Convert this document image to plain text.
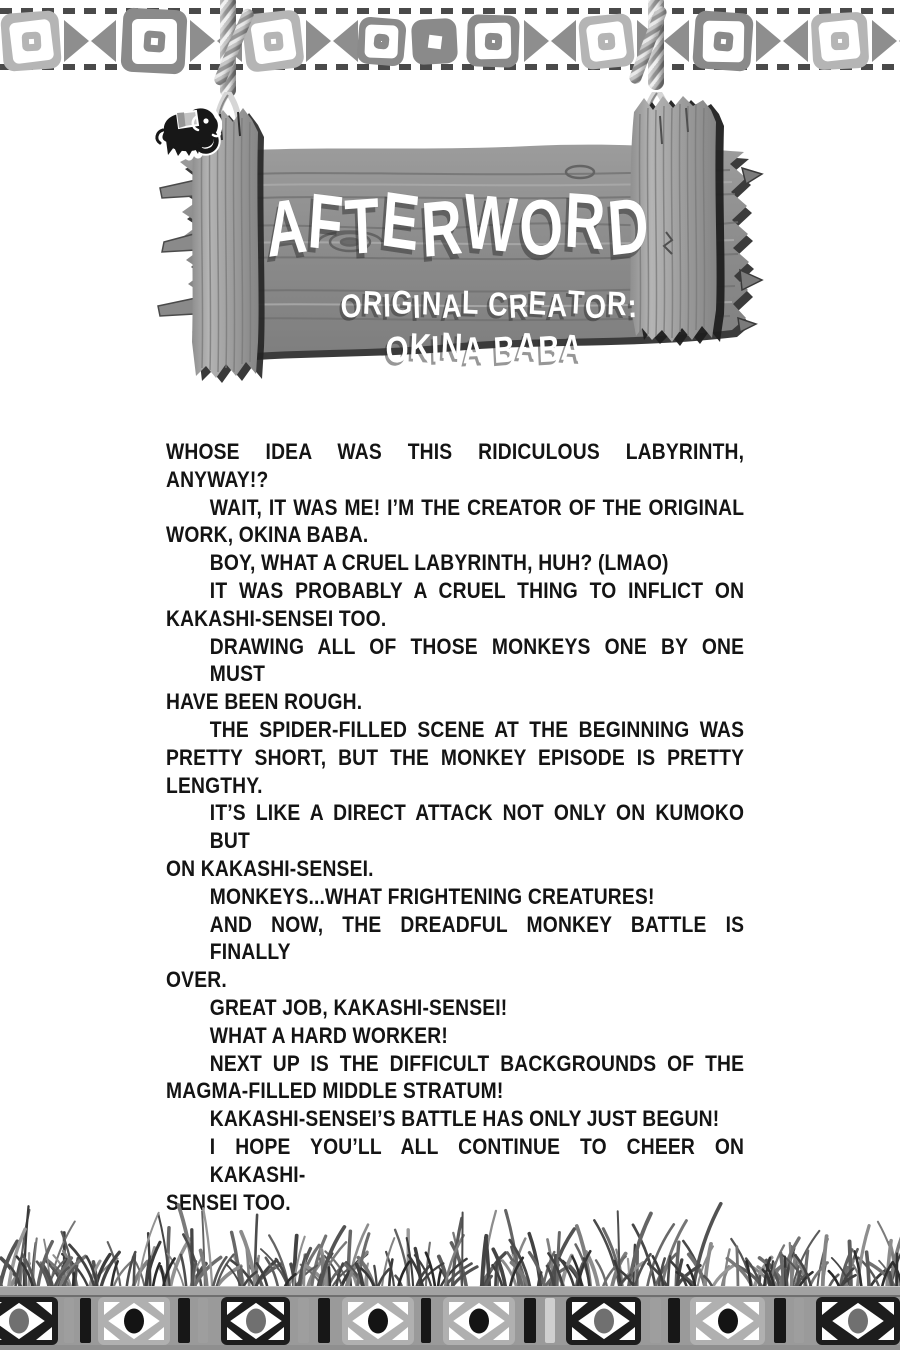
AFTERWORD
ORIGINAL CREATOR:
OKINA BABA
WHOSE IDEA WAS THIS RIDICULOUS LABYRINTH, ANYWAY!?
WAIT, IT WAS ME! I’M THE CREATOR OF THE ORIGINAL
WORK, OKINA BABA.
BOY, WHAT A CRUEL LABYRINTH, HUH? (LMAO)
IT WAS PROBABLY A CRUEL THING TO INFLICT ON
KAKASHI-SENSEI TOO.
DRAWING ALL OF THOSE MONKEYS ONE BY ONE MUST
HAVE BEEN ROUGH.
THE SPIDER-FILLED SCENE AT THE BEGINNING WAS
PRETTY SHORT, BUT THE MONKEY EPISODE IS PRETTY
LENGTHY.
IT’S LIKE A DIRECT ATTACK NOT ONLY ON KUMOKO BUT
ON KAKASHI-SENSEI.
MONKEYS...WHAT FRIGHTENING CREATURES!
AND NOW, THE DREADFUL MONKEY BATTLE IS FINALLY
OVER.
GREAT JOB, KAKASHI-SENSEI!
WHAT A HARD WORKER!
NEXT UP IS THE DIFFICULT BACKGROUNDS OF THE
MAGMA-FILLED MIDDLE STRATUM!
KAKASHI-SENSEI’S BATTLE HAS ONLY JUST BEGUN!
I HOPE YOU’LL ALL CONTINUE TO CHEER ON KAKASHI-
SENSEI TOO.
